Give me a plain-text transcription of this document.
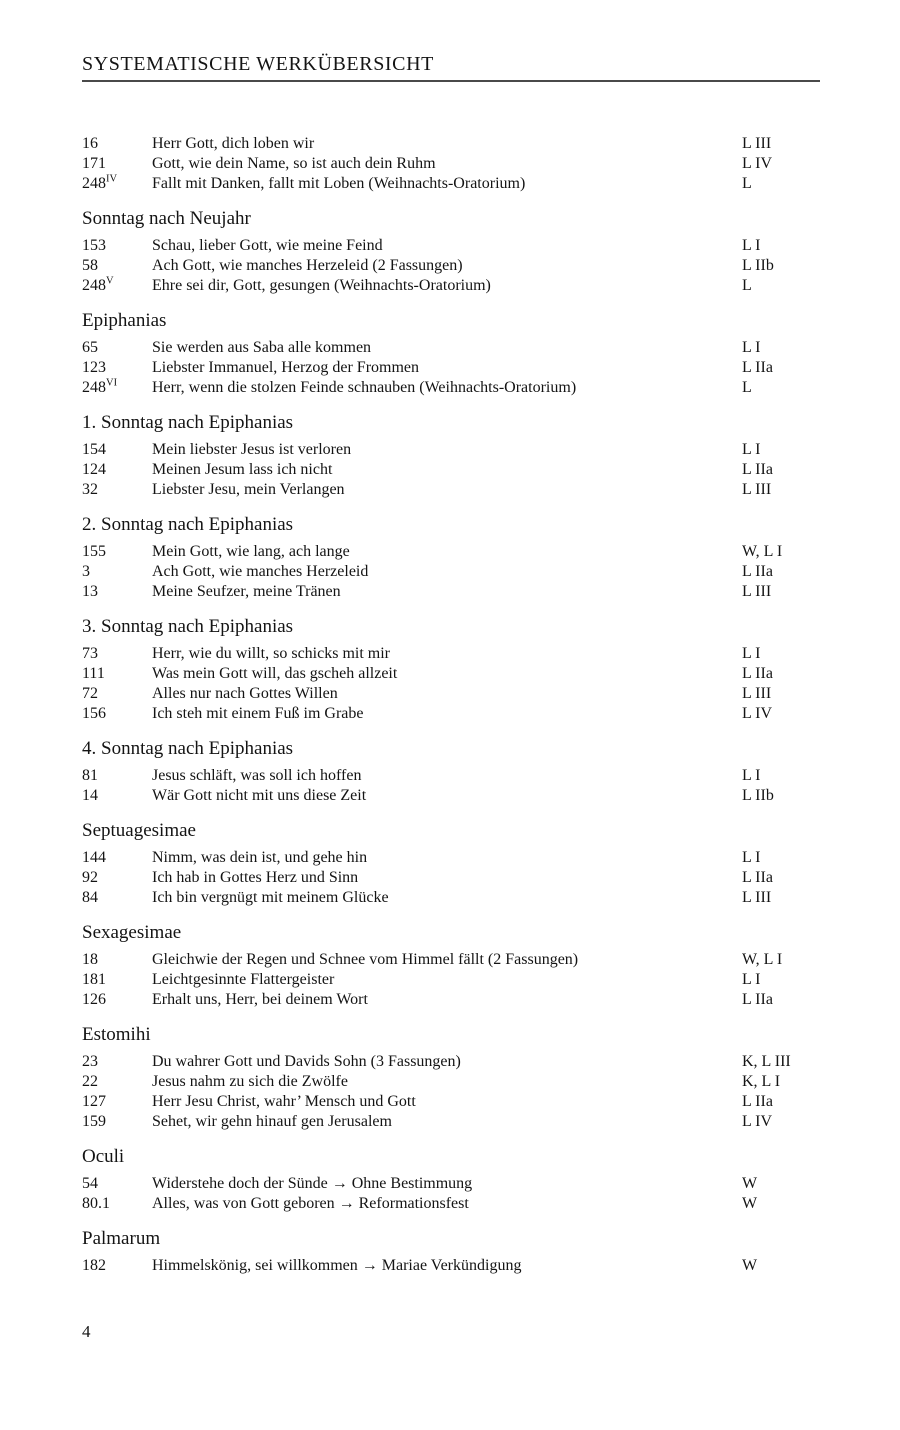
SYSTEMATISCHE WERKÜBERSICHT
16	Herr Gott, dich loben wir	L III
171	Gott, wie dein Name, so ist auch dein Ruhm	L IV
$248^{IV}$	Fallt mit Danken, fallt mit Loben (Weihnachts-Oratorium)	L
Sonntag nach Neujahr
153	Schau, lieber Gott, wie meine Feind	L I
58	Ach Gott, wie manches Herzeleid (2 Fassungen)	L IIb
$248^V$	Ehre sei dir, Gott, gesungen (Weihnachts-Oratorium)	L
Epiphanias
65	Sie werden aus Saba alle kommen	L I
123	Liebster Immanuel, Herzog der Frommen	L IIa
$248^{VI}$	Herr, wenn die stolzen Feinde schnauben (Weihnachts-Oratorium)	L
1. Sonntag nach Epiphanias
154	Mein liebster Jesus ist verloren	L I
124	Meinen Jesum lass ich nicht	L IIa
32	Liebster Jesu, mein Verlangen	L III
2. Sonntag nach Epiphanias
155	Mein Gott, wie lang, ach lange	W, L I
3	Ach Gott, wie manches Herzeleid	L IIa
13	Meine Seufzer, meine Tränen	L III
3. Sonntag nach Epiphanias
73	Herr, wie du willt, so schicks mit mir	L I
111	Was mein Gott will, das gscheh allzeit	L IIa
72	Alles nur nach Gottes Willen	L III
156	Ich steh mit einem Fuß im Grabe	L IV
4. Sonntag nach Epiphanias
81	Jesus schläft, was soll ich hoffen	L I
14	Wär Gott nicht mit uns diese Zeit	L IIb
Septuagesimae
144	Nimm, was dein ist, und gehe hin	L I
92	Ich hab in Gottes Herz und Sinn	L IIa
84	Ich bin vergnügt mit meinem Glücke	L III
Sexagesimae
18	Gleichwie der Regen und Schnee vom Himmel fällt (2 Fassungen)	W, L I
181	Leichtgesinnte Flattergeister	L I
126	Erhalt uns, Herr, bei deinem Wort	L IIa
Estomihi
23	Du wahrer Gott und Davids Sohn (3 Fassungen)	K, L III
22	Jesus nahm zu sich die Zwölfe	K, L I
127	Herr Jesu Christ, wahr’ Mensch und Gott	L IIa
159	Sehet, wir gehn hinauf gen Jerusalem	L IV
Oculi
54	Widerstehe doch der Sünde → Ohne Bestimmung	W
80.1	Alles, was von Gott geboren → Reformationsfest	W
Palmarum
182	Himmelskönig, sei willkommen → Mariae Verkündigung	W
4
